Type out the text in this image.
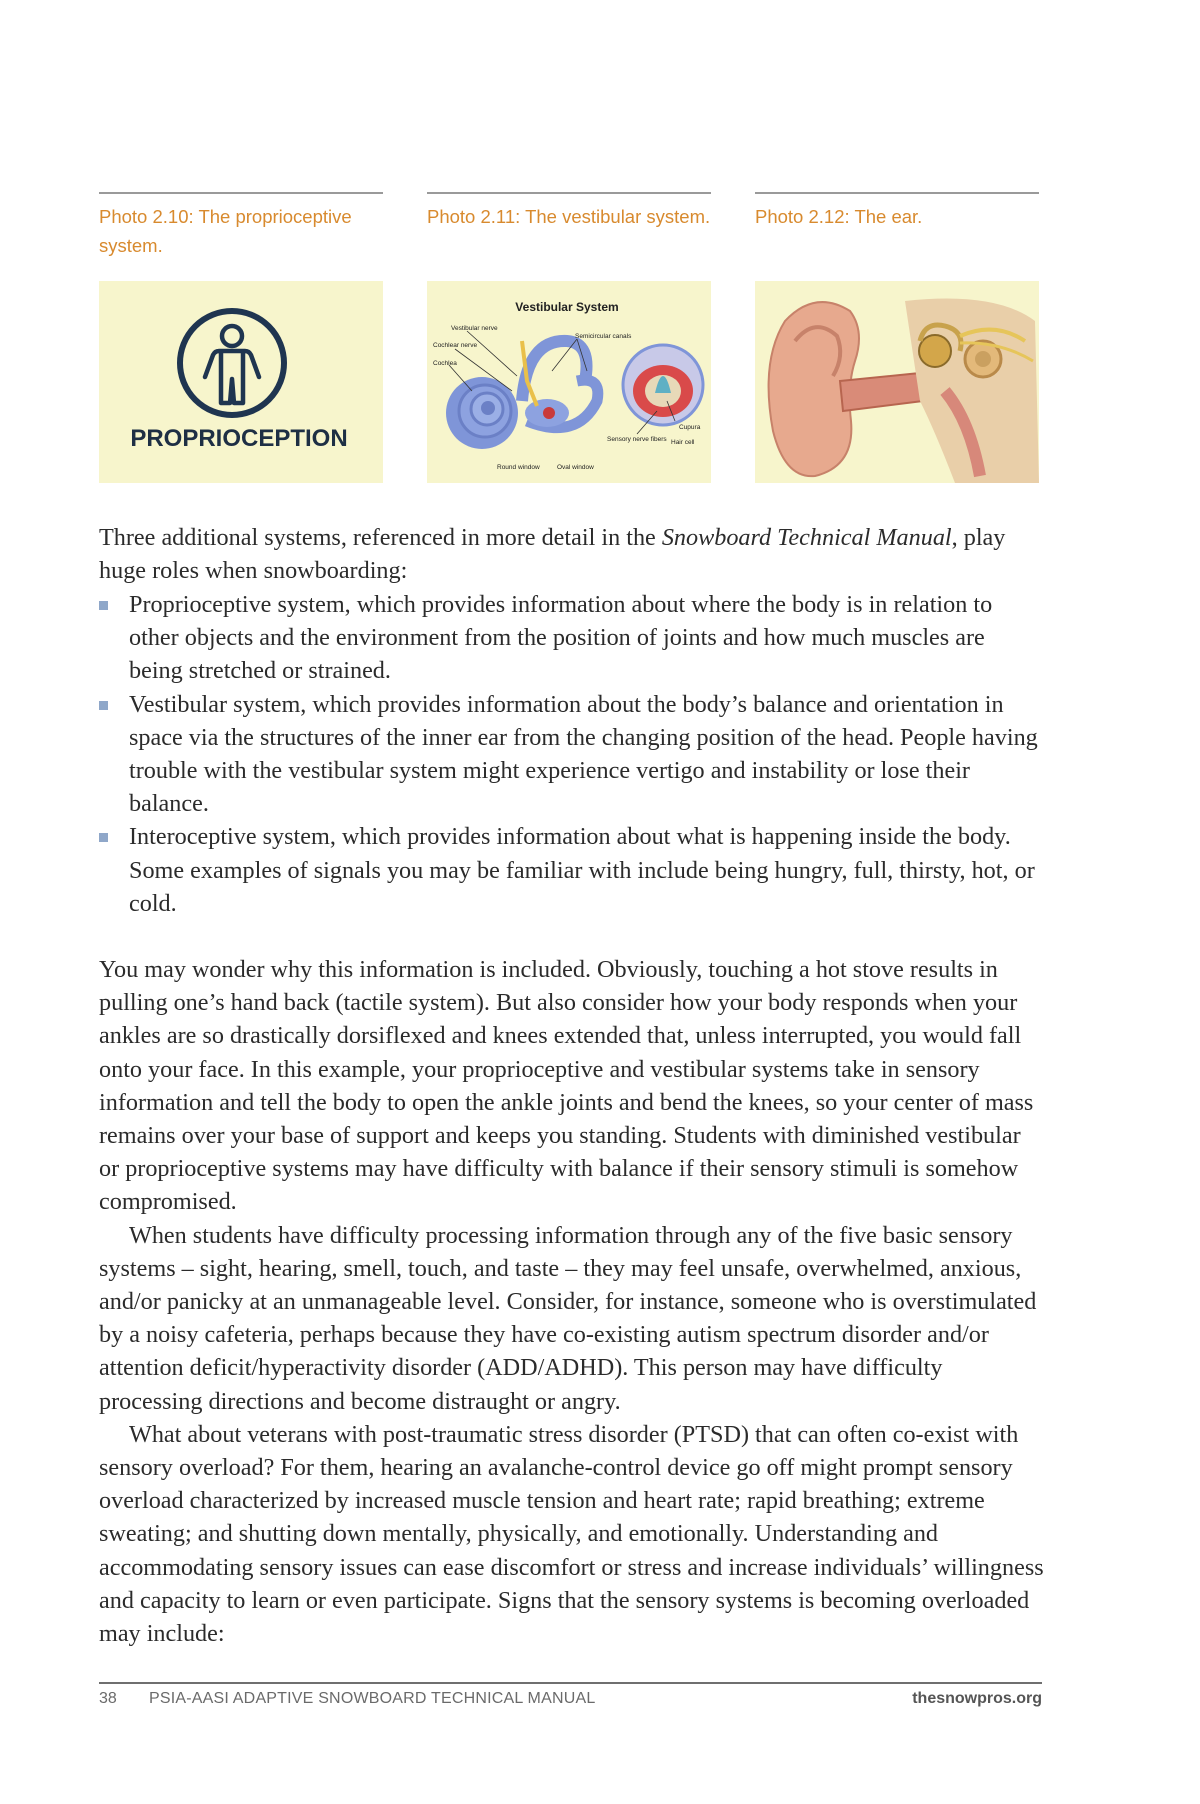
Photo 2.10: The proprioceptive system.
PROPRIOCEPTION
Photo 2.11: The vestibular system.
Vestibular System
Vestibular nerve
Cochlear nerve
Cochlea
Semicircular canals
Cupura
Sensory nerve fibers Hair cell
Round window	Oval window
Photo 2.12: The ear.
Three additional systems, referenced in more detail in the Snowboard Technical Manual, play huge roles when snowboarding:
Proprioceptive system, which provides information about where the body is in relation to other objects and the environment from the position of joints and how much muscles are being stretched or strained.
Vestibular system, which provides information about the body’s balance and orientation in space via the structures of the inner ear from the changing position of the head. People having trouble with the vestibular system might experience vertigo and instability or lose their balance.
Interoceptive system, which provides information about what is happening inside the body. Some examples of signals you may be familiar with include being hungry, full, thirsty, hot, or cold.

You may wonder why this information is included. Obviously, touching a hot stove results in pulling one’s hand back (tactile system). But also consider how your body responds when your ankles are so drastically dorsiflexed and knees extended that, unless interrupted, you would fall onto your face. In this example, your proprioceptive and vestibular systems take in sensory information and tell the body to open the ankle joints and bend the knees, so your center of mass remains over your base of support and keeps you standing. Students with diminished vestibular or proprioceptive systems may have difficulty with balance if their sensory stimuli is somehow compromised.

When students have difficulty processing information through any of the five basic sensory systems – sight, hearing, smell, touch, and taste – they may feel unsafe, overwhelmed, anxious, and/or panicky at an unmanageable level. Consider, for instance, someone who is overstimulated by a noisy cafeteria, perhaps because they have co-existing autism spectrum disorder and/or attention deficit/hyperactivity disorder (ADD/ADHD). This person may have difficulty processing directions and become distraught or angry.

What about veterans with post-traumatic stress disorder (PTSD) that can often co-exist with sensory overload? For them, hearing an avalanche-control device go off might prompt sensory overload characterized by increased muscle tension and heart rate; rapid breathing; extreme sweating; and shutting down mentally, physically, and emotionally. Understanding and accommodating sensory issues can ease discomfort or stress and increase individuals’ willingness and capacity to learn or even participate. Signs that the sensory systems is becoming overloaded may include:

38 PSIA-AASI ADAPTIVE SNOWBOARD TECHNICAL MANUAL	thesnowpros.org
